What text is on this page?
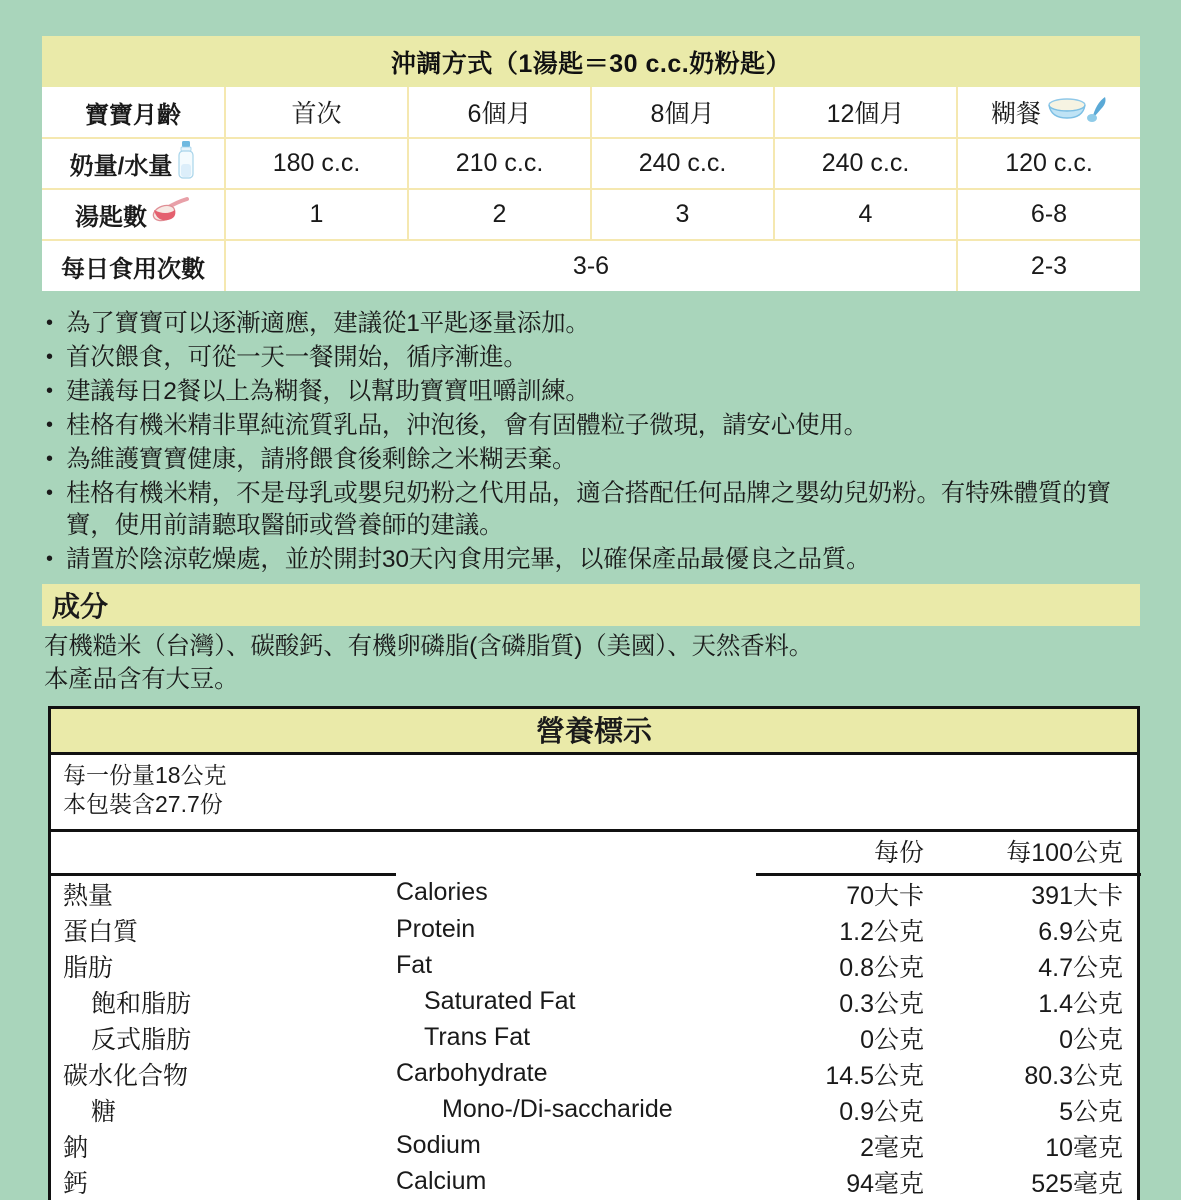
沖調方式（1湯匙＝30 c.c.奶粉匙）					
寶寶月齡	首次	6個月	8個月	12個月	糊餐

奶量/水量	180 c.c.	210 c.c.	240 c.c.	240 c.c.	120 c.c.

湯匙數	1	2	3	4	6-8
每日食用次數	3-6				2-3
• 為了寶寶可以逐漸適應，建議從1平匙逐量添加。
• 首次餵食，可從一天一餐開始，循序漸進。
• 建議每日2餐以上為糊餐，以幫助寶寶咀嚼訓練。
• 桂格有機米精非單純流質乳品，沖泡後，會有固體粒子微現，請安心使用。
• 為維護寶寶健康，請將餵食後剩餘之米糊丟棄。
• 桂格有機米精，不是母乳或嬰兒奶粉之代用品，適合搭配任何品牌之嬰幼兒奶粉。有特殊體質的寶寶，使用前請聽取醫師或營養師的建議。
• 請置於陰涼乾燥處，並於開封30天內食用完畢，以確保產品最優良之品質。
成分
有機糙米（台灣）、碳酸鈣、有機卵磷脂(含磷脂質)（美國）、天然香料。
本產品含有大豆。
營養標示
每一份量18公克
本包裝含27.7份
		每份	每100公克
熱量	Calories	70大卡	391大卡
蛋白質	Protein	1.2公克	6.9公克
脂肪	Fat	0.8公克	4.7公克
飽和脂肪	Saturated Fat	0.3公克	1.4公克
反式脂肪	Trans Fat	0公克	0公克
碳水化合物	Carbohydrate	14.5公克	80.3公克
糖	Mono-/Di-saccharide	0.9公克	5公克
鈉	Sodium	2毫克	10毫克
鈣	Calcium	94毫克	525毫克
